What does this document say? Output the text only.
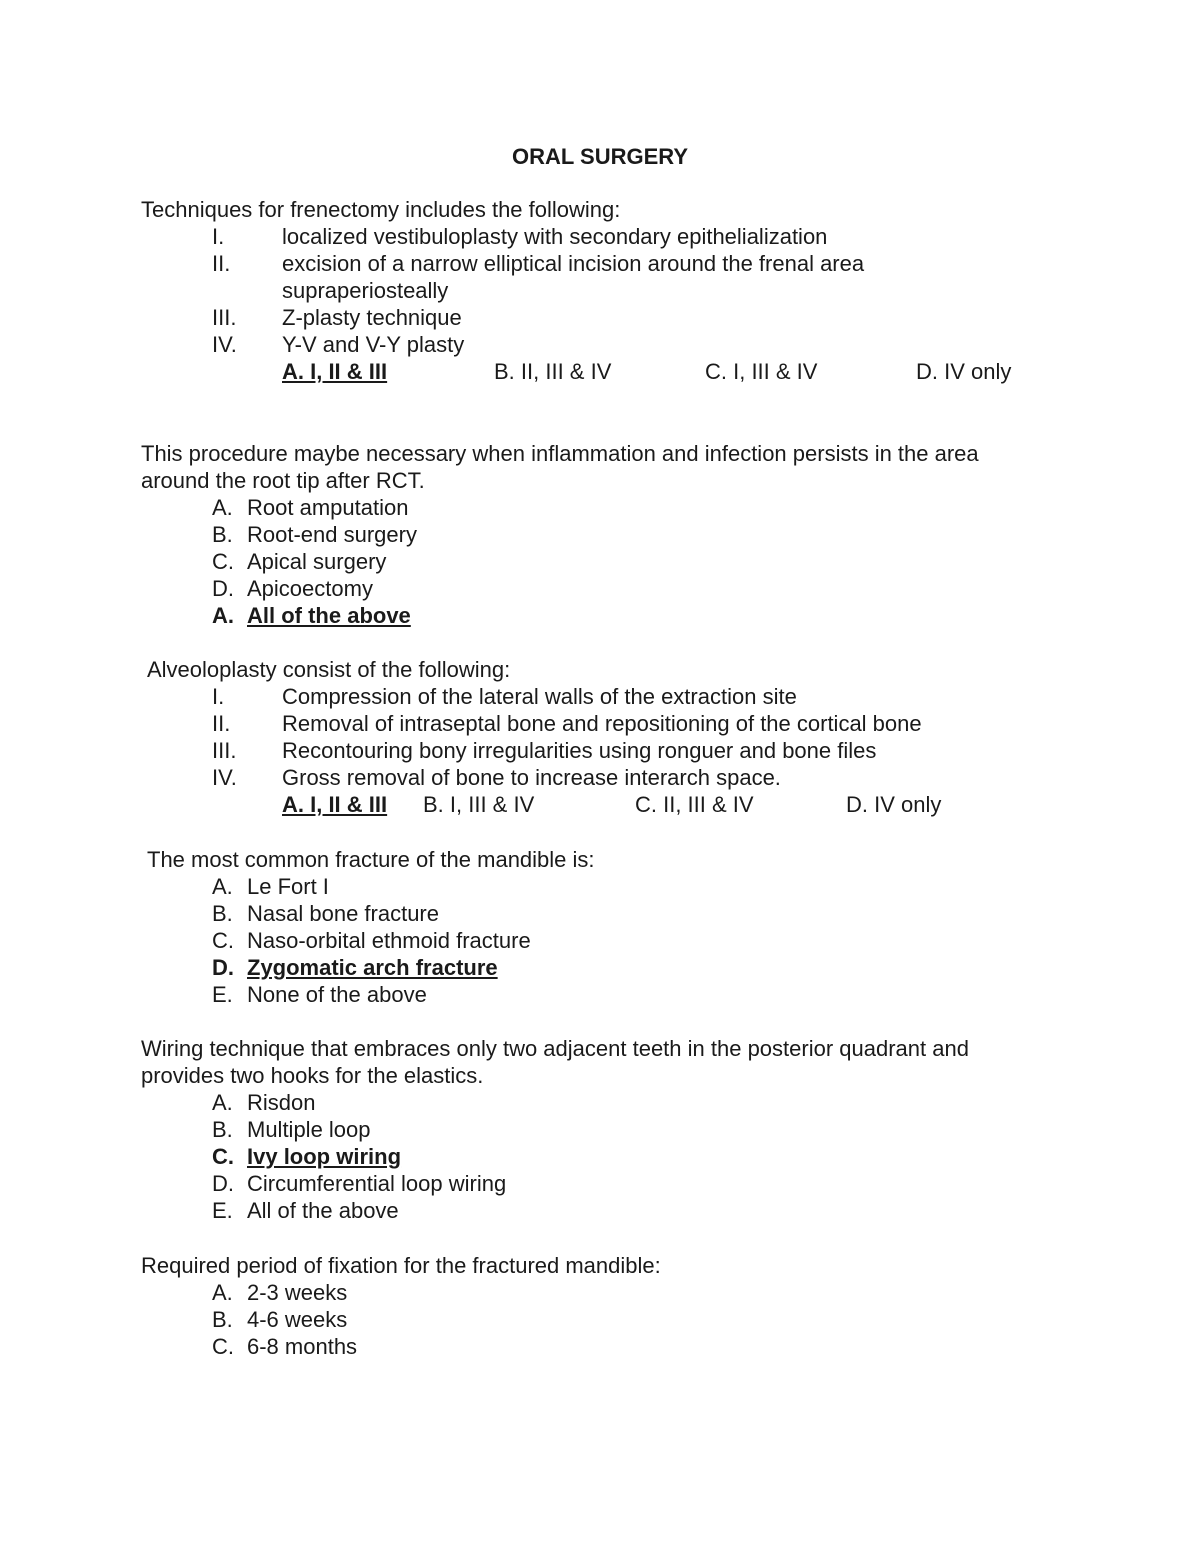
ORAL SURGERY
Techniques for frenectomy includes the following:
I.	localized vestibuloplasty with secondary epithelialization
II. excision of a narrow elliptical incision around the frenal area
supraperiosteally
III. Z-plasty technique
IV. Y-V and V-Y plasty
A. I, II & III	B. II, III & IV	C. I, III & IV	D. IV only
This procedure maybe necessary when inflammation and infection persists in the area around the root tip after RCT.
A. Root amputation
B. Root-end surgery
C. Apical surgery
D. Apicoectomy
A. All of the above
Alveoloplasty consist of the following:
I.	Compression of the lateral walls of the extraction site
II. Removal of intraseptal bone and repositioning of the cortical bone
III. Recontouring bony irregularities using ronguer and bone files
IV. Gross removal of bone to increase interarch space.
A. I, II & III B. I, III & IV	C. II, III & IV	D. IV only
The most common fracture of the mandible is:
A. Le Fort I
B. Nasal bone fracture
C. Naso-orbital ethmoid fracture
D. Zygomatic arch fracture
E. None of the above
Wiring technique that embraces only two adjacent teeth in the posterior quadrant and provides two hooks for the elastics.
A. Risdon
B. Multiple loop
C. Ivy loop wiring
D. Circumferential loop wiring
E. All of the above
Required period of fixation for the fractured mandible:
A. 2-3 weeks
B. 4-6 weeks
C. 6-8 months
